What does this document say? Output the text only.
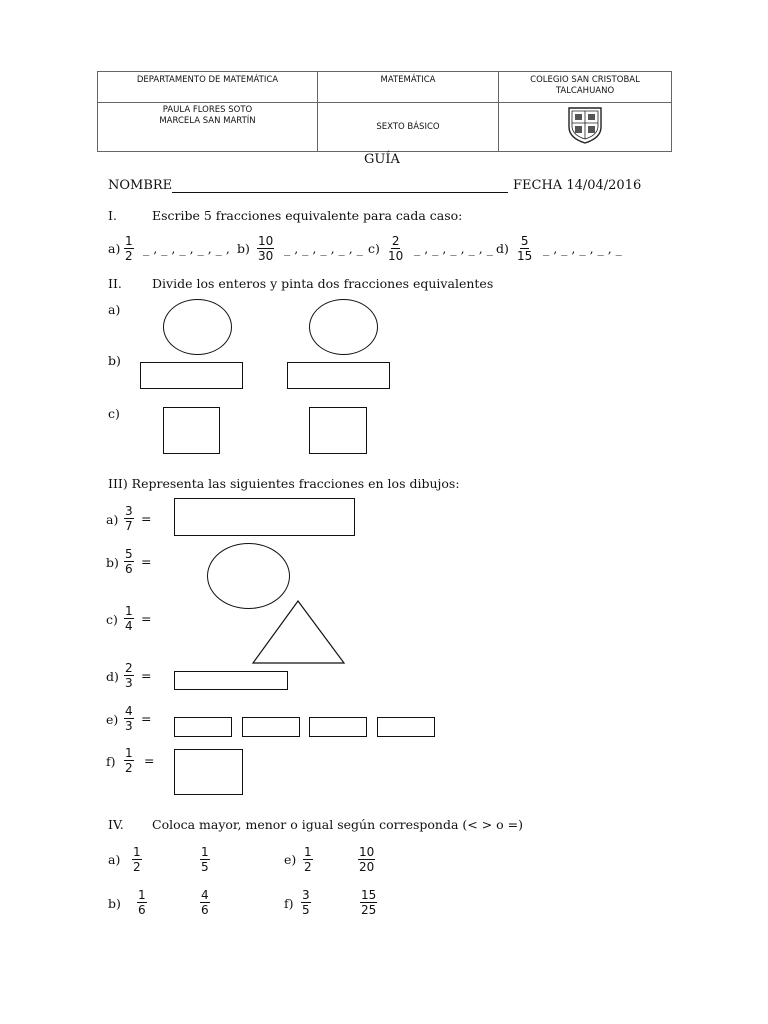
DEPARTAMENTO DE MATEMÁTICA	MATEMÁTICA	COLEGIO SAN CRISTOBAL
TALCAHUANO

PAULA FLORES SOTO
MARCELA SAN MARTÍN	SEXTO BÁSICO	
GUÍA
NOMBRE	FECHA 14/04/2016
I.	Escribe 5 fracciones equivalente para cada caso:
$a) \frac{1}{2}$ _ , _ , _ , _ , _ , $b) \frac{10}{30}$ _ , _ , _ , _ , _ $c) \frac{2}{10}$ _ , _ , _ , _ , _ $d) \frac{5}{15}$ _ , _ , _ , _ , _
II. Divide los enteros y pinta dos fracciones equivalentes
a)
b)
c)
III) Representa las siguientes fracciones en los dibujos:
$a) \frac{3}{7}$ =
$b) \frac{5}{6}$ =
$c) \frac{1}{4}$ =
$d) \frac{2}{3}$ =
$e) \frac{4}{3}$ =
$f) \frac{1}{2}$ =
IV. Coloca mayor, menor o igual según corresponda (< > o =)
$a) \frac{1}{2}$	$\frac{1}{5}$
$b) \frac{1}{6}$	$\frac{4}{6}$
$e) \frac{1}{2}$	$\frac{10}{20}$
$f) \frac{3}{5}$	$\frac{15}{25}$
